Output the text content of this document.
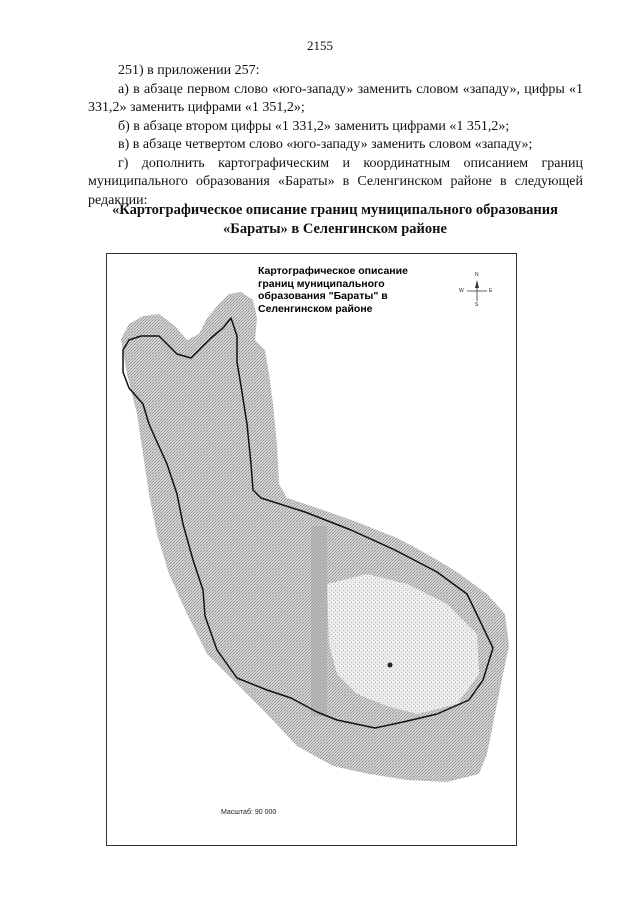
2155

251) в приложении 257:

а) в абзаце первом слово «юго-западу» заменить словом «западу», цифры «1 331,2» заменить цифрами «1 351,2»;

б) в абзаце втором цифры «1 331,2» заменить цифрами «1 351,2»;

в) в абзаце четвертом слово «юго-западу» заменить словом «западу»;

г) дополнить картографическим и координатным описанием границ муниципального образования «Бараты» в Селенгинском районе в следующей редакции:

«Картографическое описание границ муниципального образования «Бараты» в Селенгинском районе
Картографическое описание границ муниципального образования "Бараты" в Селенгинском районе
N
S
W	E
Масштаб: 90 000
